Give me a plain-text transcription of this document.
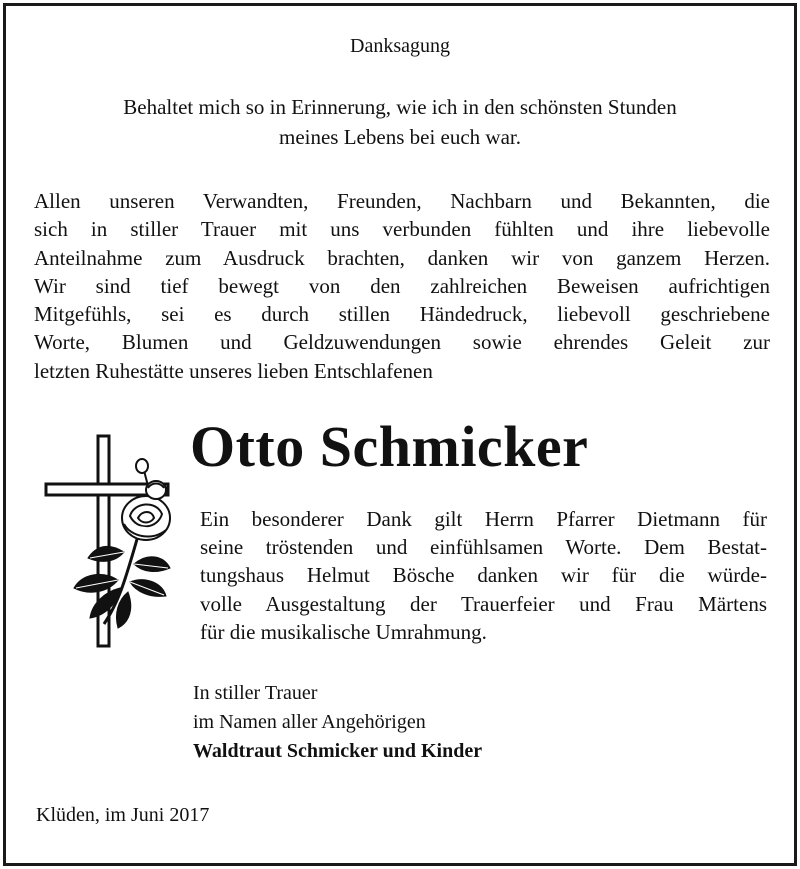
Danksagung
Behaltet mich so in Erinnerung, wie ich in den schönsten Stunden
meines Lebens bei euch war.
Allen unseren Verwandten, Freunden, Nachbarn und Bekannten, die
sich in stiller Trauer mit uns verbunden fühlten und ihre liebevolle
Anteilnahme zum Ausdruck brachten, danken wir von ganzem Herzen.
Wir sind tief bewegt von den zahlreichen Beweisen aufrichtigen
Mitgefühls, sei es durch stillen Händedruck, liebevoll geschriebene
Worte, Blumen und Geldzuwendungen sowie ehrendes Geleit zur
letzten Ruhestätte unseres lieben Entschlafenen
Otto Schmicker
Ein besonderer Dank gilt Herrn Pfarrer Dietmann für
seine tröstenden und einfühlsamen Worte. Dem Bestat-
tungshaus Helmut Bösche danken wir für die würde-
volle Ausgestaltung der Trauerfeier und Frau Märtens
für die musikalische Umrahmung.
In stiller Trauer
im Namen aller Angehörigen
Waldtraut Schmicker und Kinder
Klüden, im Juni 2017
